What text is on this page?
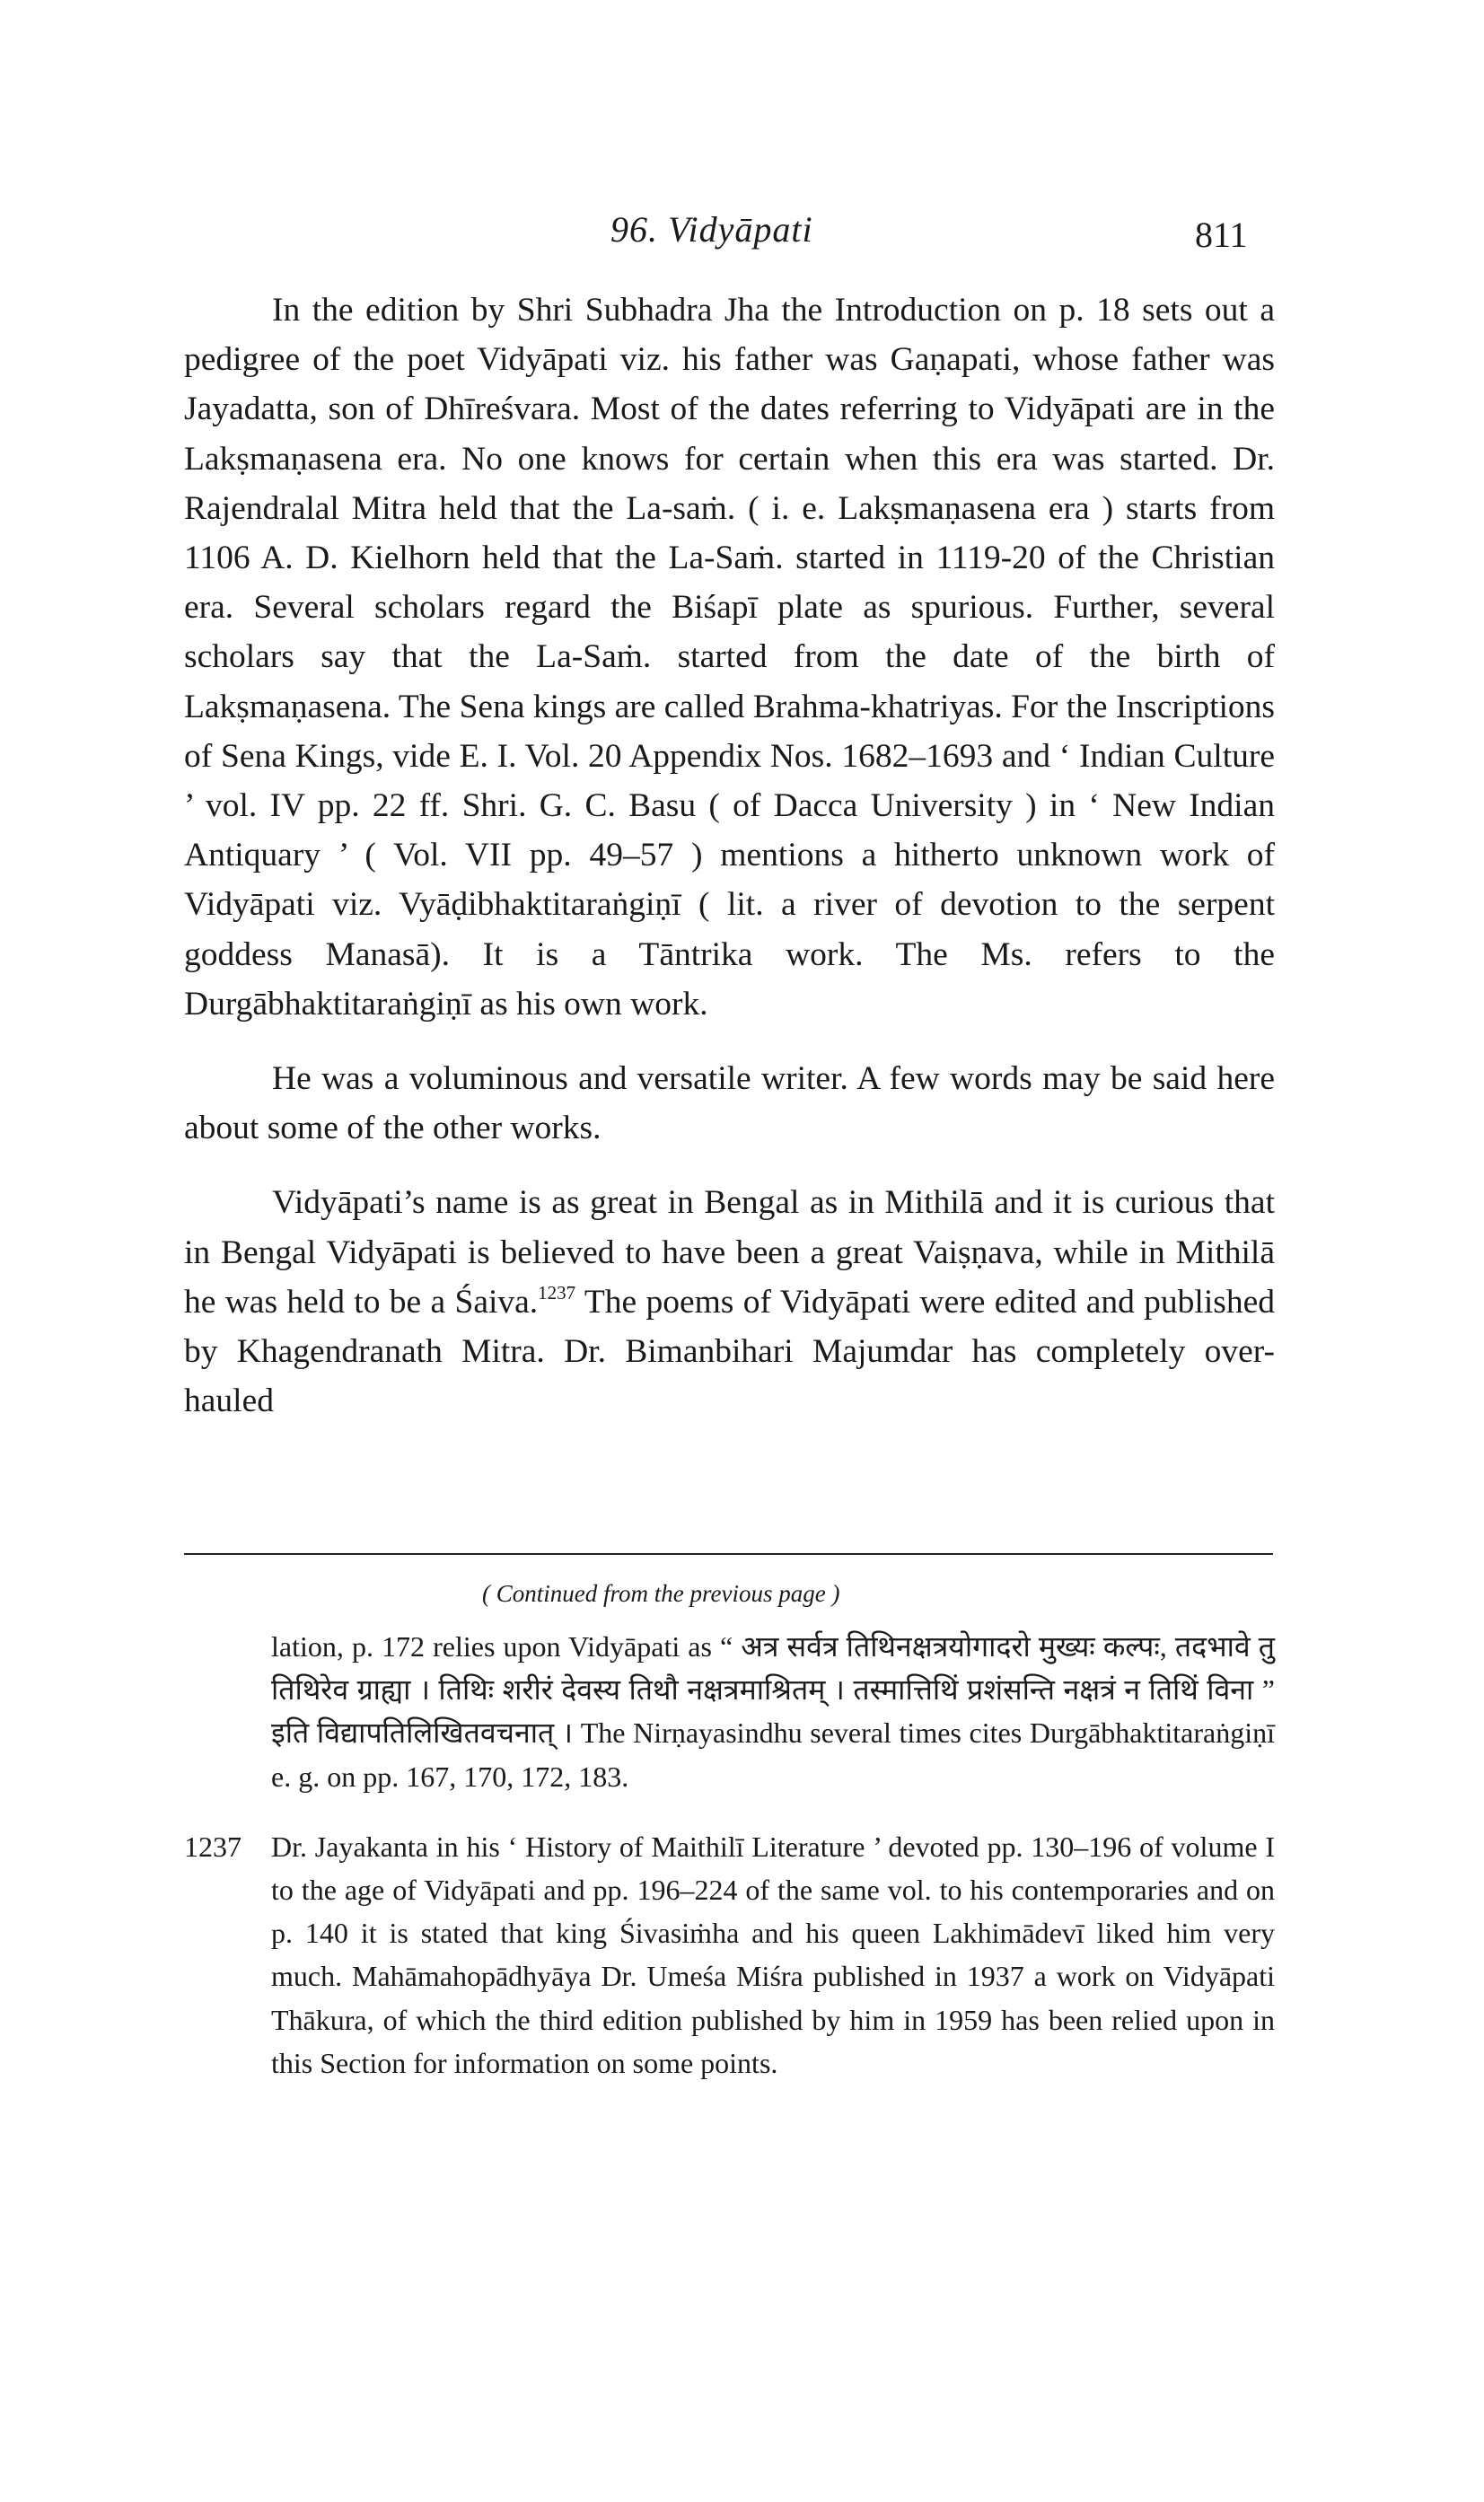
96. Vidyāpati	811

In the edition by Shri Subhadra Jha the Introduction on p. 18 sets out a pedigree of the poet Vidyāpati viz. his father was Gaṇapati, whose father was Jayadatta, son of Dhīreśvara. Most of the dates referring to Vidyāpati are in the Lakṣmaṇasena era. No one knows for certain when this era was started. Dr. Rajendralal Mitra held that the La-saṁ. ( i. e. Lakṣmaṇasena era ) starts from 1106 A. D. Kielhorn held that the La-Saṁ. started in 1119-20 of the Christian era. Several scholars regard the Biśapī plate as spurious. Further, several scholars say that the La-Saṁ. started from the date of the birth of Lakṣmaṇasena. The Sena kings are called Brahma-khatriyas. For the Inscriptions of Sena Kings, vide E. I. Vol. 20 Appendix Nos. 1682–1693 and ‘ Indian Culture ’ vol. IV pp. 22 ff. Shri. G. C. Basu ( of Dacca University ) in ‘ New Indian Antiquary ’ ( Vol. VII pp. 49–57 ) mentions a hitherto unknown work of Vidyāpati viz. Vyāḍibhaktitaraṅgiṇī ( lit. a river of devotion to the serpent goddess Manasā). It is a Tāntrika work. The Ms. refers to the Durgābhaktitaraṅgiṇī as his own work.

He was a voluminous and versatile writer. A few words may be said here about some of the other works.

Vidyāpati’s name is as great in Bengal as in Mithilā and it is curious that in Bengal Vidyāpati is believed to have been a great Vaiṣṇava, while in Mithilā he was held to be a Śaiva.$^{1237}$ The poems of Vidyāpati were edited and published by Khagendranath Mitra. Dr. Bimanbihari Majumdar has completely over-hauled

( Continued from the previous page )

lation, p. 172 relies upon Vidyāpati as “ अत्र सर्वत्र तिथिनक्षत्रयोगादरो मुख्यः कल्पः, तदभावे तु तिथिरेव ग्राह्या । तिथिः शरीरं देवस्य तिथौ नक्षत्रमाश्रितम् । तस्मात्तिथिं प्रशंसन्ति नक्षत्रं न तिथिं विना ” इति विद्यापतिलिखितवचनात् । The Nirṇayasindhu several times cites Durgābhaktitaraṅgiṇī e. g. on pp. 167, 170, 172, 183.

1237 Dr. Jayakanta in his ‘ History of Maithilī Literature ’ devoted pp. 130–196 of volume I to the age of Vidyāpati and pp. 196–224 of the same vol. to his contemporaries and on p. 140 it is stated that king Śivasiṁha and his queen Lakhimādevī liked him very much. Mahāmahopādhyāya Dr. Umeśa Miśra published in 1937 a work on Vidyāpati Thākura, of which the third edition published by him in 1959 has been relied upon in this Section for information on some points.
